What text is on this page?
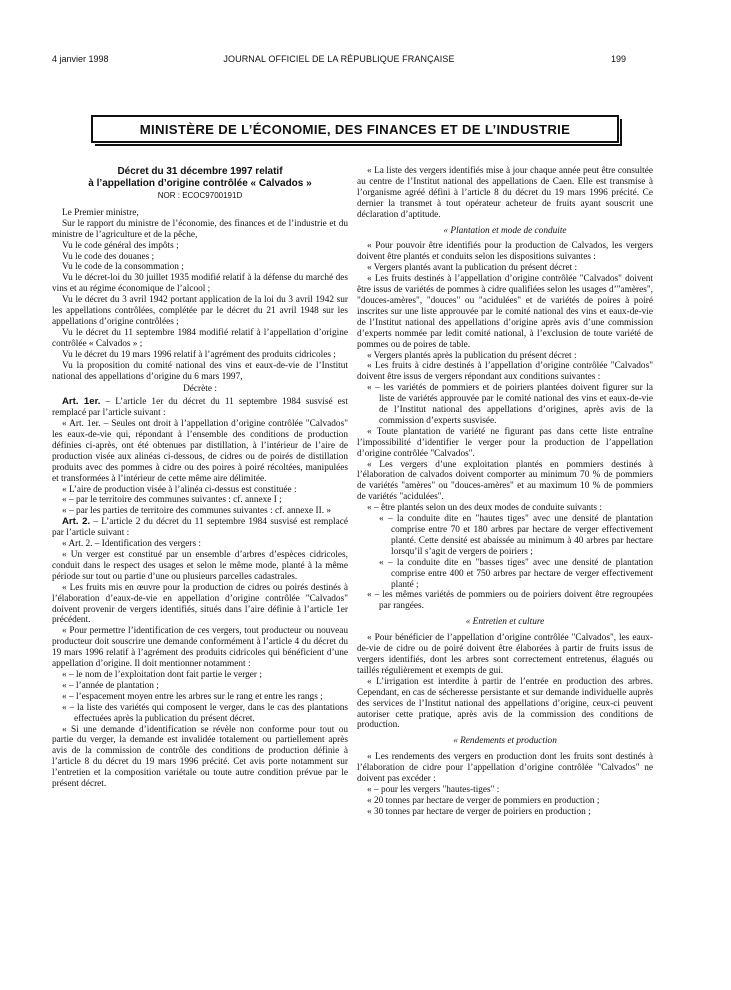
4 janvier 1998	JOURNAL OFFICIEL DE LA RÉPUBLIQUE FRANÇAISE	199
MINISTÈRE DE L’ÉCONOMIE, DES FINANCES ET DE L’INDUSTRIE

Décret du 31 décembre 1997 relatif

à l’appellation d’origine contrôlée « Calvados »

NOR : ECOC9700191D

Le Premier ministre,

Sur le rapport du ministre de l’économie, des finances et de l’industrie et du ministre de l’agriculture et de la pêche,

Vu le code général des impôts ;

Vu le code des douanes ;

Vu le code de la consommation ;

Vu le décret-loi du 30 juillet 1935 modifié relatif à la défense du marché des vins et au régime économique de l’alcool ;

Vu le décret du 3 avril 1942 portant application de la loi du 3 avril 1942 sur les appellations contrôlées, complétée par le décret du 21 avril 1948 sur les appellations d’origine contrôlées ;

Vu le décret du 11 septembre 1984 modifié relatif à l’appellation d’origine contrôlée « Calvados » ;

Vu le décret du 19 mars 1996 relatif à l’agrément des produits cidricoles ;

Vu la proposition du comité national des vins et eaux-de-vie de l’Institut national des appellations d’origine du 6 mars 1997,

Décrète :

Art. 1er. – L’article 1er du décret du 11 septembre 1984 susvisé est remplacé par l’article suivant :

« Art. 1er. – Seules ont droit à l’appellation d’origine contrôlée "Calvados" les eaux-de-vie qui, répondant à l’ensemble des conditions de production définies ci-après, ont été obtenues par distillation, à l’intérieur de l’aire de production visée aux alinéas ci-dessous, de cidres ou de poirés de distillation produits avec des pommes à cidre ou des poires à poiré récoltées, manipulées et transformées à l’intérieur de cette même aire délimitée.

« L’aire de production visée à l’alinéa ci-dessus est constituée :

« – par le territoire des communes suivantes : cf. annexe I ;

« – par les parties de territoire des communes suivantes : cf. annexe II. »

Art. 2. – L’article 2 du décret du 11 septembre 1984 susvisé est remplacé par l’article suivant :

« Art. 2. – Identification des vergers :

« Un verger est constitué par un ensemble d’arbres d’espèces cidricoles, conduit dans le respect des usages et selon le même mode, planté à la même période sur tout ou partie d’une ou plusieurs parcelles cadastrales.

« Les fruits mis en œuvre pour la production de cidres ou poirés destinés à l’élaboration d’eaux-de-vie en appellation d’origine contrôlée "Calvados" doivent provenir de vergers identifiés, situés dans l’aire définie à l’article 1er précédent.

« Pour permettre l’identification de ces vergers, tout producteur ou nouveau producteur doit souscrire une demande conformément à l’article 4 du décret du 19 mars 1996 relatif à l’agrément des produits cidricoles qui bénéficient d’une appellation d’origine. Il doit mentionner notamment :

« – le nom de l’exploitation dont fait partie le verger ;

« – l’année de plantation ;

« – l’espacement moyen entre les arbres sur le rang et entre les rangs ;

« – la liste des variétés qui composent le verger, dans le cas des plantations effectuées après la publication du présent décret.

« Si une demande d’identification se révèle non conforme pour tout ou partie du verger, la demande est invalidée totalement ou partiellement après avis de la commission de contrôle des conditions de production définie à l’article 8 du décret du 19 mars 1996 précité. Cet avis porte notamment sur l’entretien et la composition variétale ou toute autre condition prévue par le présent décret.

« La liste des vergers identifiés mise à jour chaque année peut être consultée au centre de l’Institut national des appellations de Caen. Elle est transmise à l’organisme agréé défini à l’article 8 du décret du 19 mars 1996 précité. Ce dernier la transmet à tout opérateur acheteur de fruits ayant souscrit une déclaration d’aptitude.

« Plantation et mode de conduite

« Pour pouvoir être identifiés pour la production de Calvados, les vergers doivent être plantés et conduits selon les dispositions suivantes :

« Vergers plantés avant la publication du présent décret :

« Les fruits destinés à l’appellation d’origine contrôlée "Calvados" doivent être issus de variétés de pommes à cidre qualifiées selon les usages d’"amères", "douces-amères", "douces" ou "acidulées" et de variétés de poires à poiré inscrites sur une liste approuvée par le comité national des vins et eaux-de-vie de l’Institut national des appellations d’origine après avis d’une commission d’experts nommée par ledit comité national, à l’exclusion de toute variété de pommes ou de poires de table.

« Vergers plantés après la publication du présent décret :

« Les fruits à cidre destinés à l’appellation d’origine contrôlée "Calvados" doivent être issus de vergers répondant aux conditions suivantes :

« – les variétés de pommiers et de poiriers plantées doivent figurer sur la liste de variétés approuvée par le comité national des vins et eaux-de-vie de l’Institut national des appellations d’origines, après avis de la commission d’experts susvisée.

« Toute plantation de variété ne figurant pas dans cette liste entraîne l’impossibilité d’identifier le verger pour la production de l’appellation d’origine contrôlée "Calvados".

« Les vergers d’une exploitation plantés en pommiers destinés à l’élaboration de calvados doivent comporter au minimum 70 % de pommiers de variétés "amères" ou "douces-amères" et au maximum 10 % de pommiers de variétés "acidulées".

« – être plantés selon un des deux modes de conduite suivants :

« – la conduite dite en "hautes tiges" avec une densité de plantation comprise entre 70 et 180 arbres par hectare de verger effectivement planté. Cette densité est abaissée au minimum à 40 arbres par hectare lorsqu’il s’agit de vergers de poiriers ;

« – la conduite dite en "basses tiges" avec une densité de plantation comprise entre 400 et 750 arbres par hectare de verger effectivement planté ;

« – les mêmes variétés de pommiers ou de poiriers doivent être regroupées par rangées.

« Entretien et culture

« Pour bénéficier de l’appellation d’origine contrôlée "Calvados", les eaux-de-vie de cidre ou de poiré doivent être élaborées à partir de fruits issus de vergers identifiés, dont les arbres sont correctement entretenus, élagués ou taillés régulièrement et exempts de gui.

« L’irrigation est interdite à partir de l’entrée en production des arbres. Cependant, en cas de sécheresse persistante et sur demande individuelle auprès des services de l’Institut national des appellations d’origine, ceux-ci peuvent autoriser cette pratique, après avis de la commission des conditions de production.

« Rendements et production

« Les rendements des vergers en production dont les fruits sont destinés à l’élaboration de cidre pour l’appellation d’origine contrôlée "Calvados" ne doivent pas excéder :

« – pour les vergers "hautes-tiges" :

« 20 tonnes par hectare de verger de pommiers en production ;

« 30 tonnes par hectare de verger de poiriers en production ;
